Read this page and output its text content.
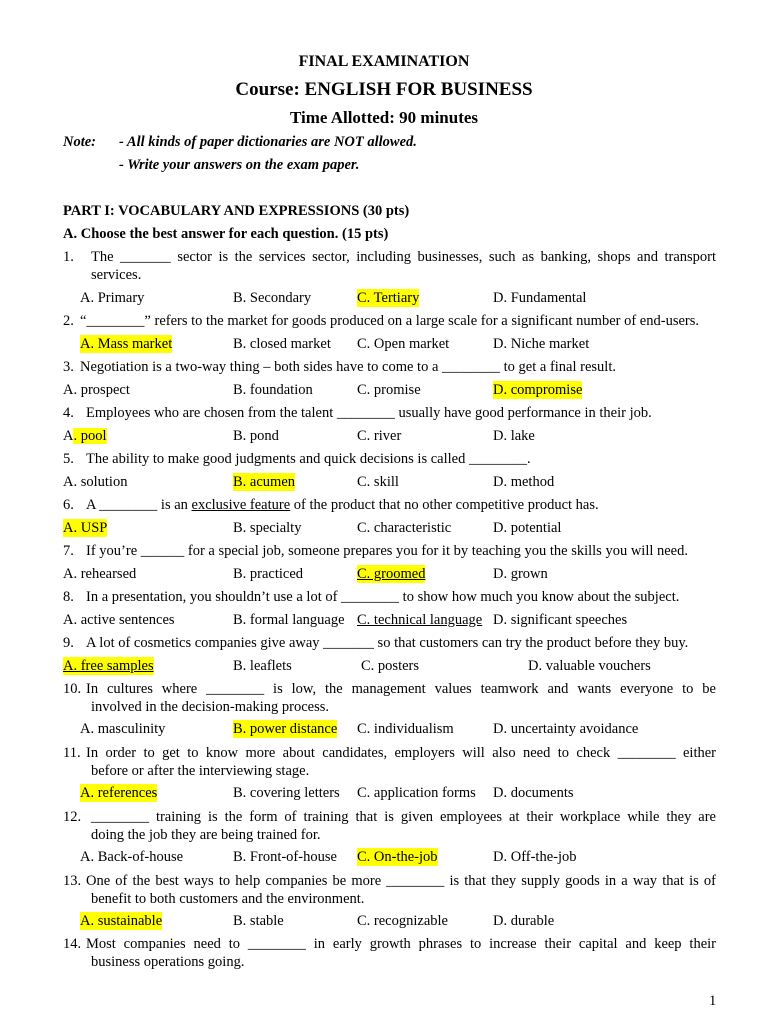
FINAL EXAMINATION
Course: ENGLISH FOR BUSINESS
Time Allotted: 90 minutes
Note: - All kinds of paper dictionaries are NOT allowed.
- Write your answers on the exam paper.
PART I: VOCABULARY AND EXPRESSIONS (30 pts)
A. Choose the best answer for each question. (15 pts)
1. The _______ sector is the services sector, including businesses, such as banking, shops and transport
services.
A. Primary	B. Secondary	C. Tertiary	D. Fundamental
2. “________” refers to the market for goods produced on a large scale for a significant number of end-users.
A. Mass market	B. closed market C. Open market	D. Niche market
3. Negotiation is a two-way thing – both sides have to come to a ________ to get a final result.
A. prospect	B. foundation	C. promise	D. compromise
4. Employees who are chosen from the talent ________ usually have good performance in their job.
A. pool	B. pond	C. river	D. lake
5. The ability to make good judgments and quick decisions is called ________.
A. solution	B. acumen	C. skill	D. method
6. A ________ is an exclusive feature of the product that no other competitive product has.
A. USP	B. specialty	C. characteristic	D. potential
7. If you’re ______ for a special job, someone prepares you for it by teaching you the skills you will need.
A. rehearsed	B. practiced	C. groomed	D. grown
8. In a presentation, you shouldn’t use a lot of ________ to show how much you know about the subject.
A. active sentences	B. formal language C. technical language D. significant speeches
9. A lot of cosmetics companies give away _______ so that customers can try the product before they buy.
A. free samples	B. leaflets	C. posters	D. valuable vouchers
10. In cultures where ________ is low, the management values teamwork and wants everyone to be
involved in the decision-making process.
A. masculinity	B. power distance C. individualism	D. uncertainty avoidance
11. In order to get to know more about candidates, employers will also need to check ________ either
before or after the interviewing stage.
A. references	B. covering letters C. application forms D. documents
12. ________ training is the form of training that is given employees at their workplace while they are
doing the job they are being trained for.
A. Back-of-house	B. Front-of-house C. On-the-job	D. Off-the-job
13. One of the best ways to help companies be more ________ is that they supply goods in a way that is of
benefit to both customers and the environment.
A. sustainable	B. stable	C. recognizable	D. durable
14. Most companies need to ________ in early growth phrases to increase their capital and keep their
business operations going.
1
